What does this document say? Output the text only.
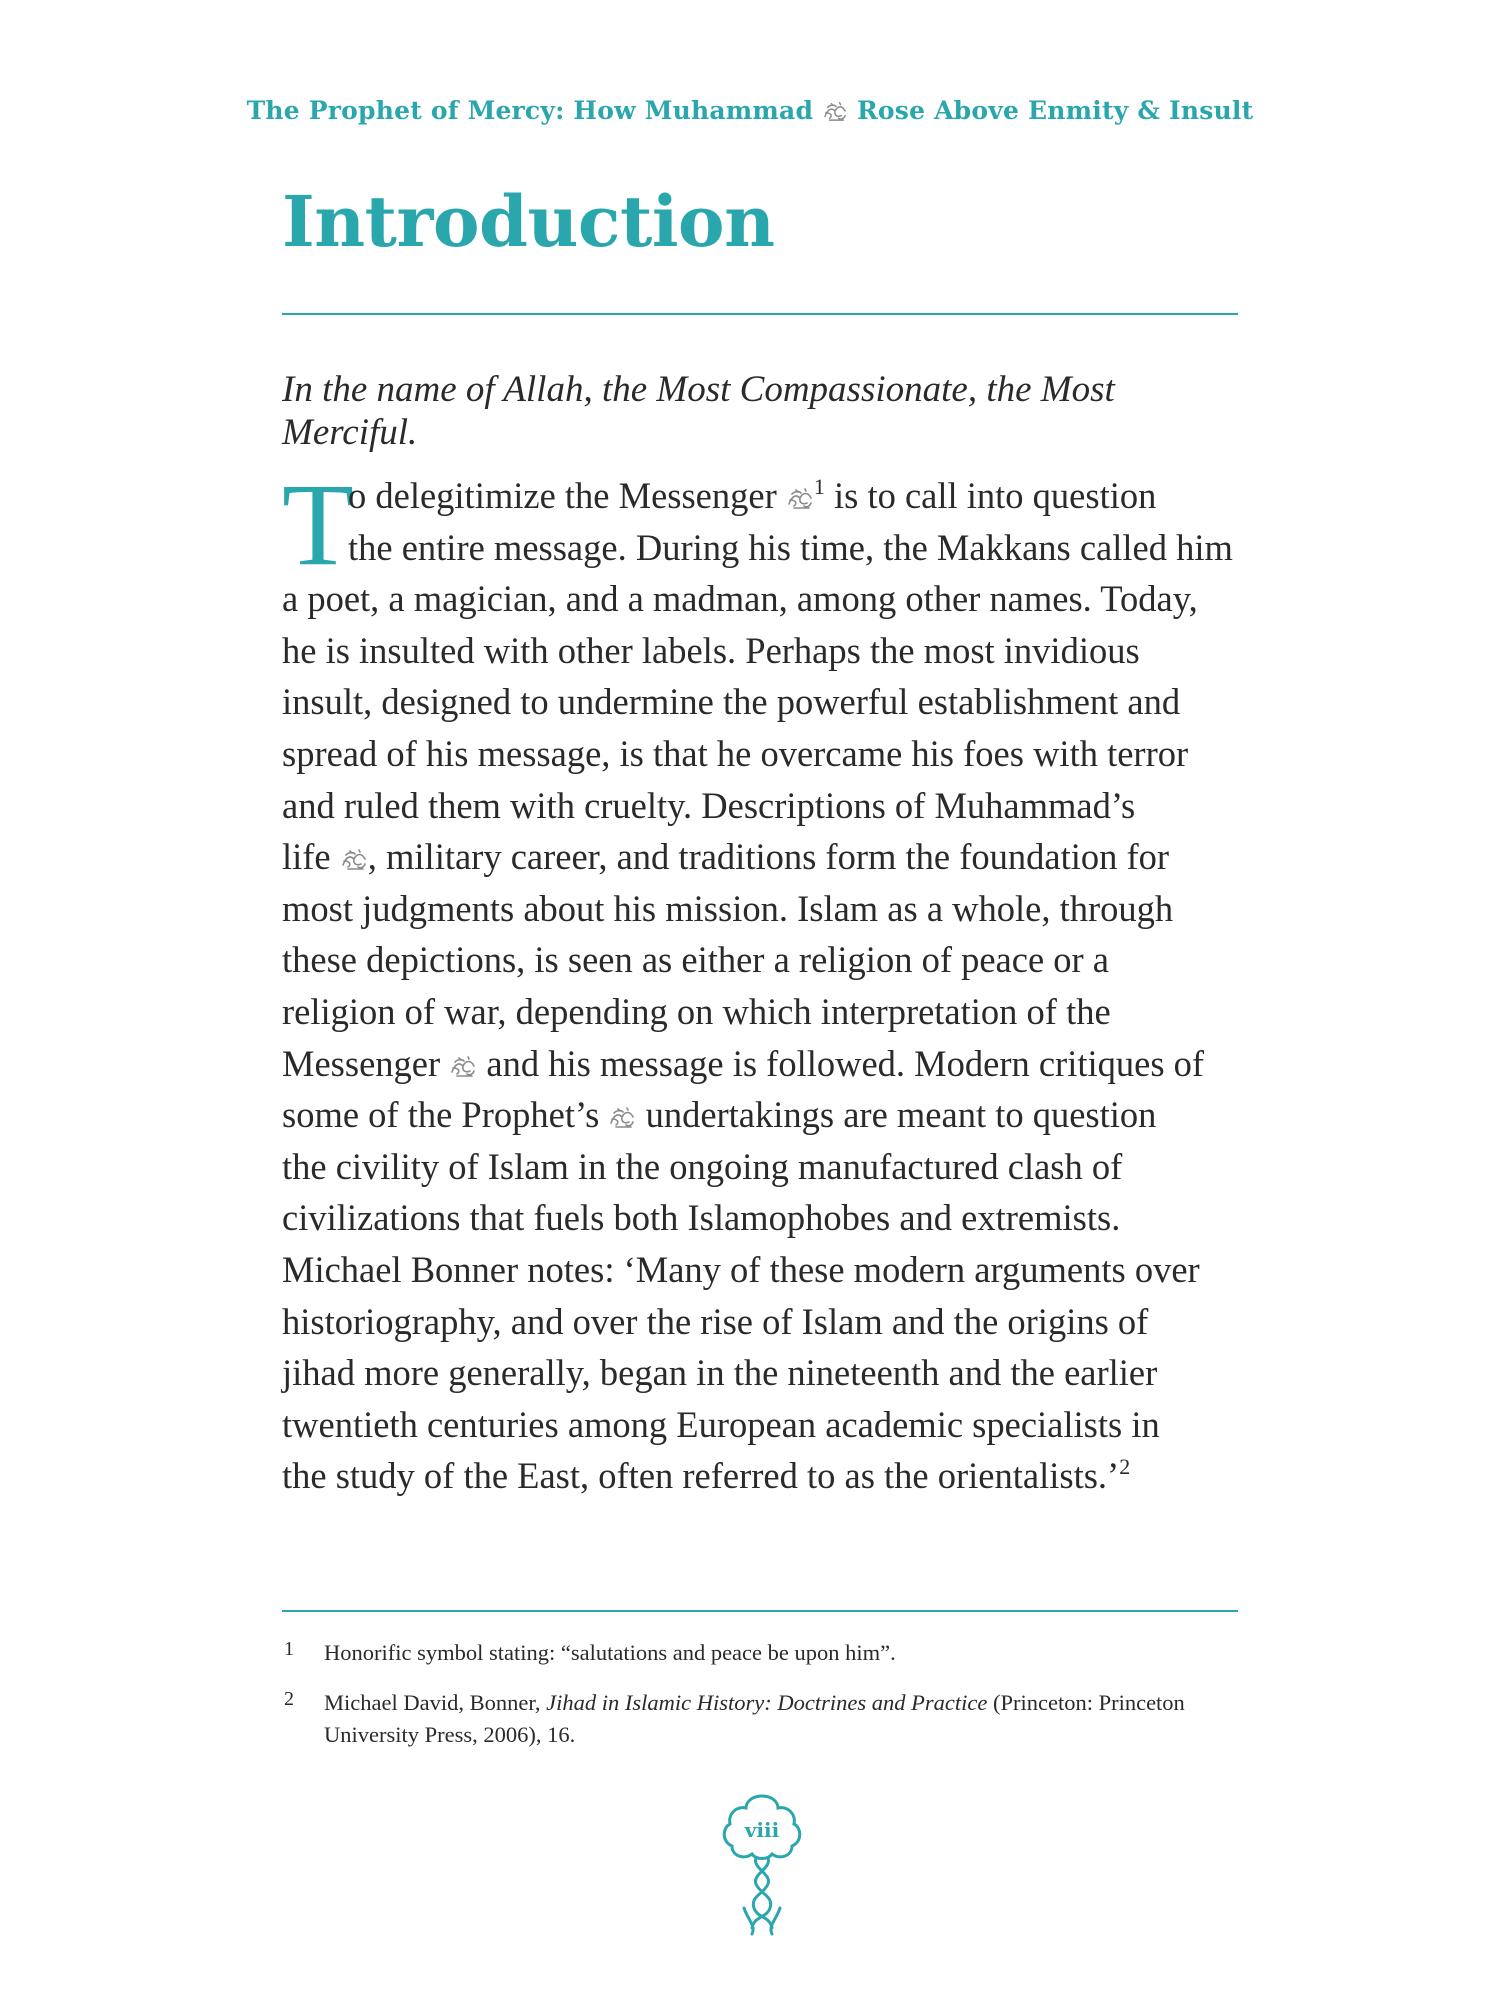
The Prophet of Mercy: How Muhammad Rose Above Enmity & Insult
Introduction
In the name of Allah, the Most Compassionate, the Most Merciful.
T
o delegitimize the Messenger $^1$ is to call into question
the entire message. During his time, the Makkans called him
a poet, a magician, and a madman, among other names. Today,
he is insulted with other labels. Perhaps the most invidious
insult, designed to undermine the powerful establishment and
spread of his message, is that he overcame his foes with terror
and ruled them with cruelty. Descriptions of Muhammad’s
life , military career, and traditions form the foundation for
most judgments about his mission. Islam as a whole, through
these depictions, is seen as either a religion of peace or a
religion of war, depending on which interpretation of the
Messenger and his message is followed. Modern critiques of
some of the Prophet’s undertakings are meant to question
the civility of Islam in the ongoing manufactured clash of
civilizations that fuels both Islamophobes and extremists.
Michael Bonner notes: ‘Many of these modern arguments over
historiography, and over the rise of Islam and the origins of
jihad more generally, began in the nineteenth and the earlier
twentieth centuries among European academic specialists in
the study of the East, often referred to as the orientalists.’$^2$
1 Honorific symbol stating: “salutations and peace be upon him”.
2 Michael David, Bonner, Jihad in Islamic History: Doctrines and Practice (Princeton: Princeton University Press, 2006), 16.
viii
